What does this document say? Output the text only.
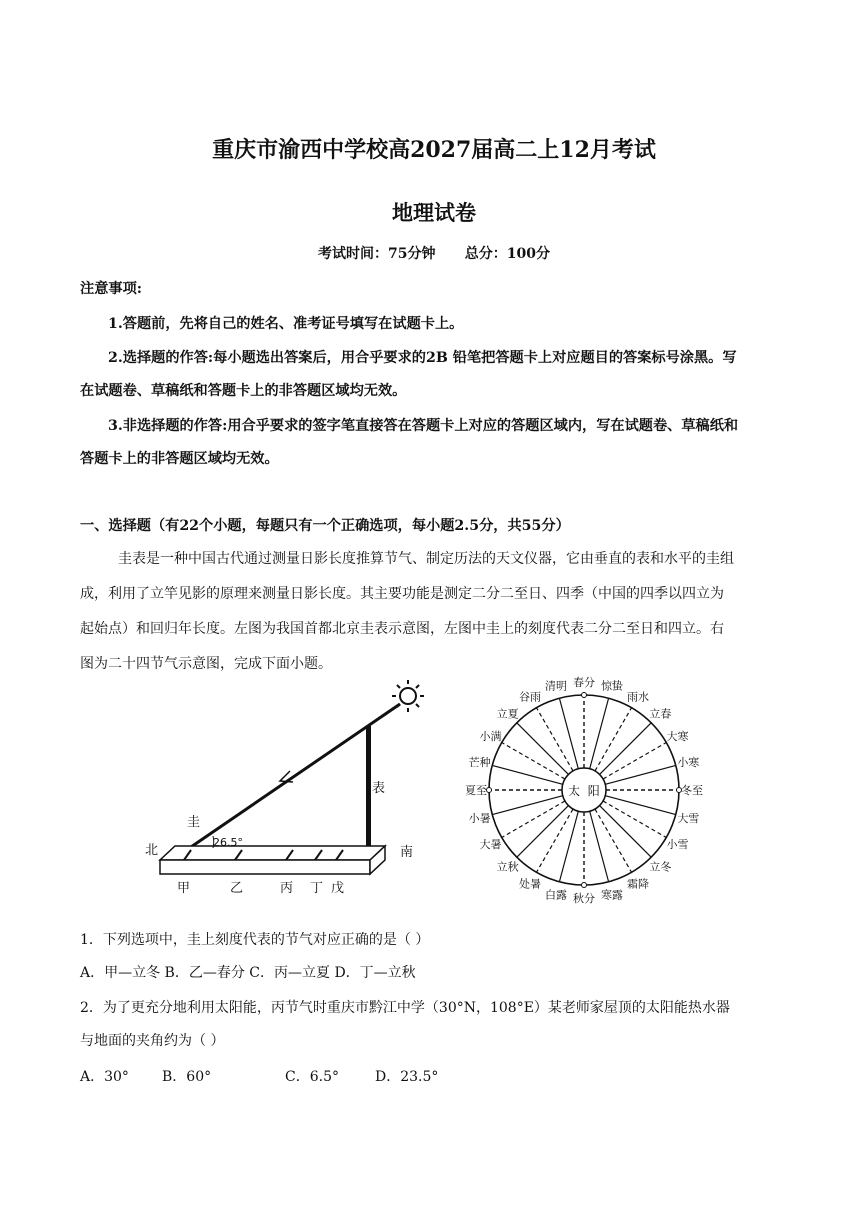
重庆市渝西中学校高2027届高二上12月考试
地理试卷
考试时间：75分钟      总分：100分
注意事项:
1.答题前，先将自己的姓名、准考证号填写在试题卡上。
2.选择题的作答:每小题选出答案后，用合乎要求的2B 铅笔把答题卡上对应题目的答案标号涂黑。写
在试题卷、草稿纸和答题卡上的非答题区域均无效。
3.非选择题的作答:用合乎要求的签字笔直接答在答题卡上对应的答题区域内，写在试题卷、草稿纸和
答题卡上的非答题区域均无效。
一、选择题（有22个小题，每题只有一个正确选项，每小题2.5分，共55分）
圭表是一种中国古代通过测量日影长度推算节气、制定历法的天文仪器，它由垂直的表和水平的圭组
成，利用了立竿见影的原理来测量日影长度。其主要功能是测定二分二至日、四季（中国的四季以四立为
起始点）和回归年长度。左图为我国首都北京圭表示意图，左图中圭上的刻度代表二分二至日和四立。右
图为二十四节气示意图，完成下面小题。
圭
表
北	南
26.5°
甲	乙	丙 丁 戊
太  阳
春分 惊蛰
雨水
立春
大寒
小寒
冬至
大雪
小雪
立冬
霜降
寒露
秋分
白露
处暑
立秋
大暑
小暑
夏至
芒种
小满
立夏
谷雨
清明
1．下列选项中，圭上刻度代表的节气对应正确的是（ ）
A．甲—立冬 B．乙—春分 C．丙—立夏 D．丁—立秋
2．为了更充分地利用太阳能，丙节气时重庆市黔江中学（30°N，108°E）某老师家屋顶的太阳能热水器
与地面的夹角约为（ ）
A．30° B．60°	C．6.5°	D．23.5°
